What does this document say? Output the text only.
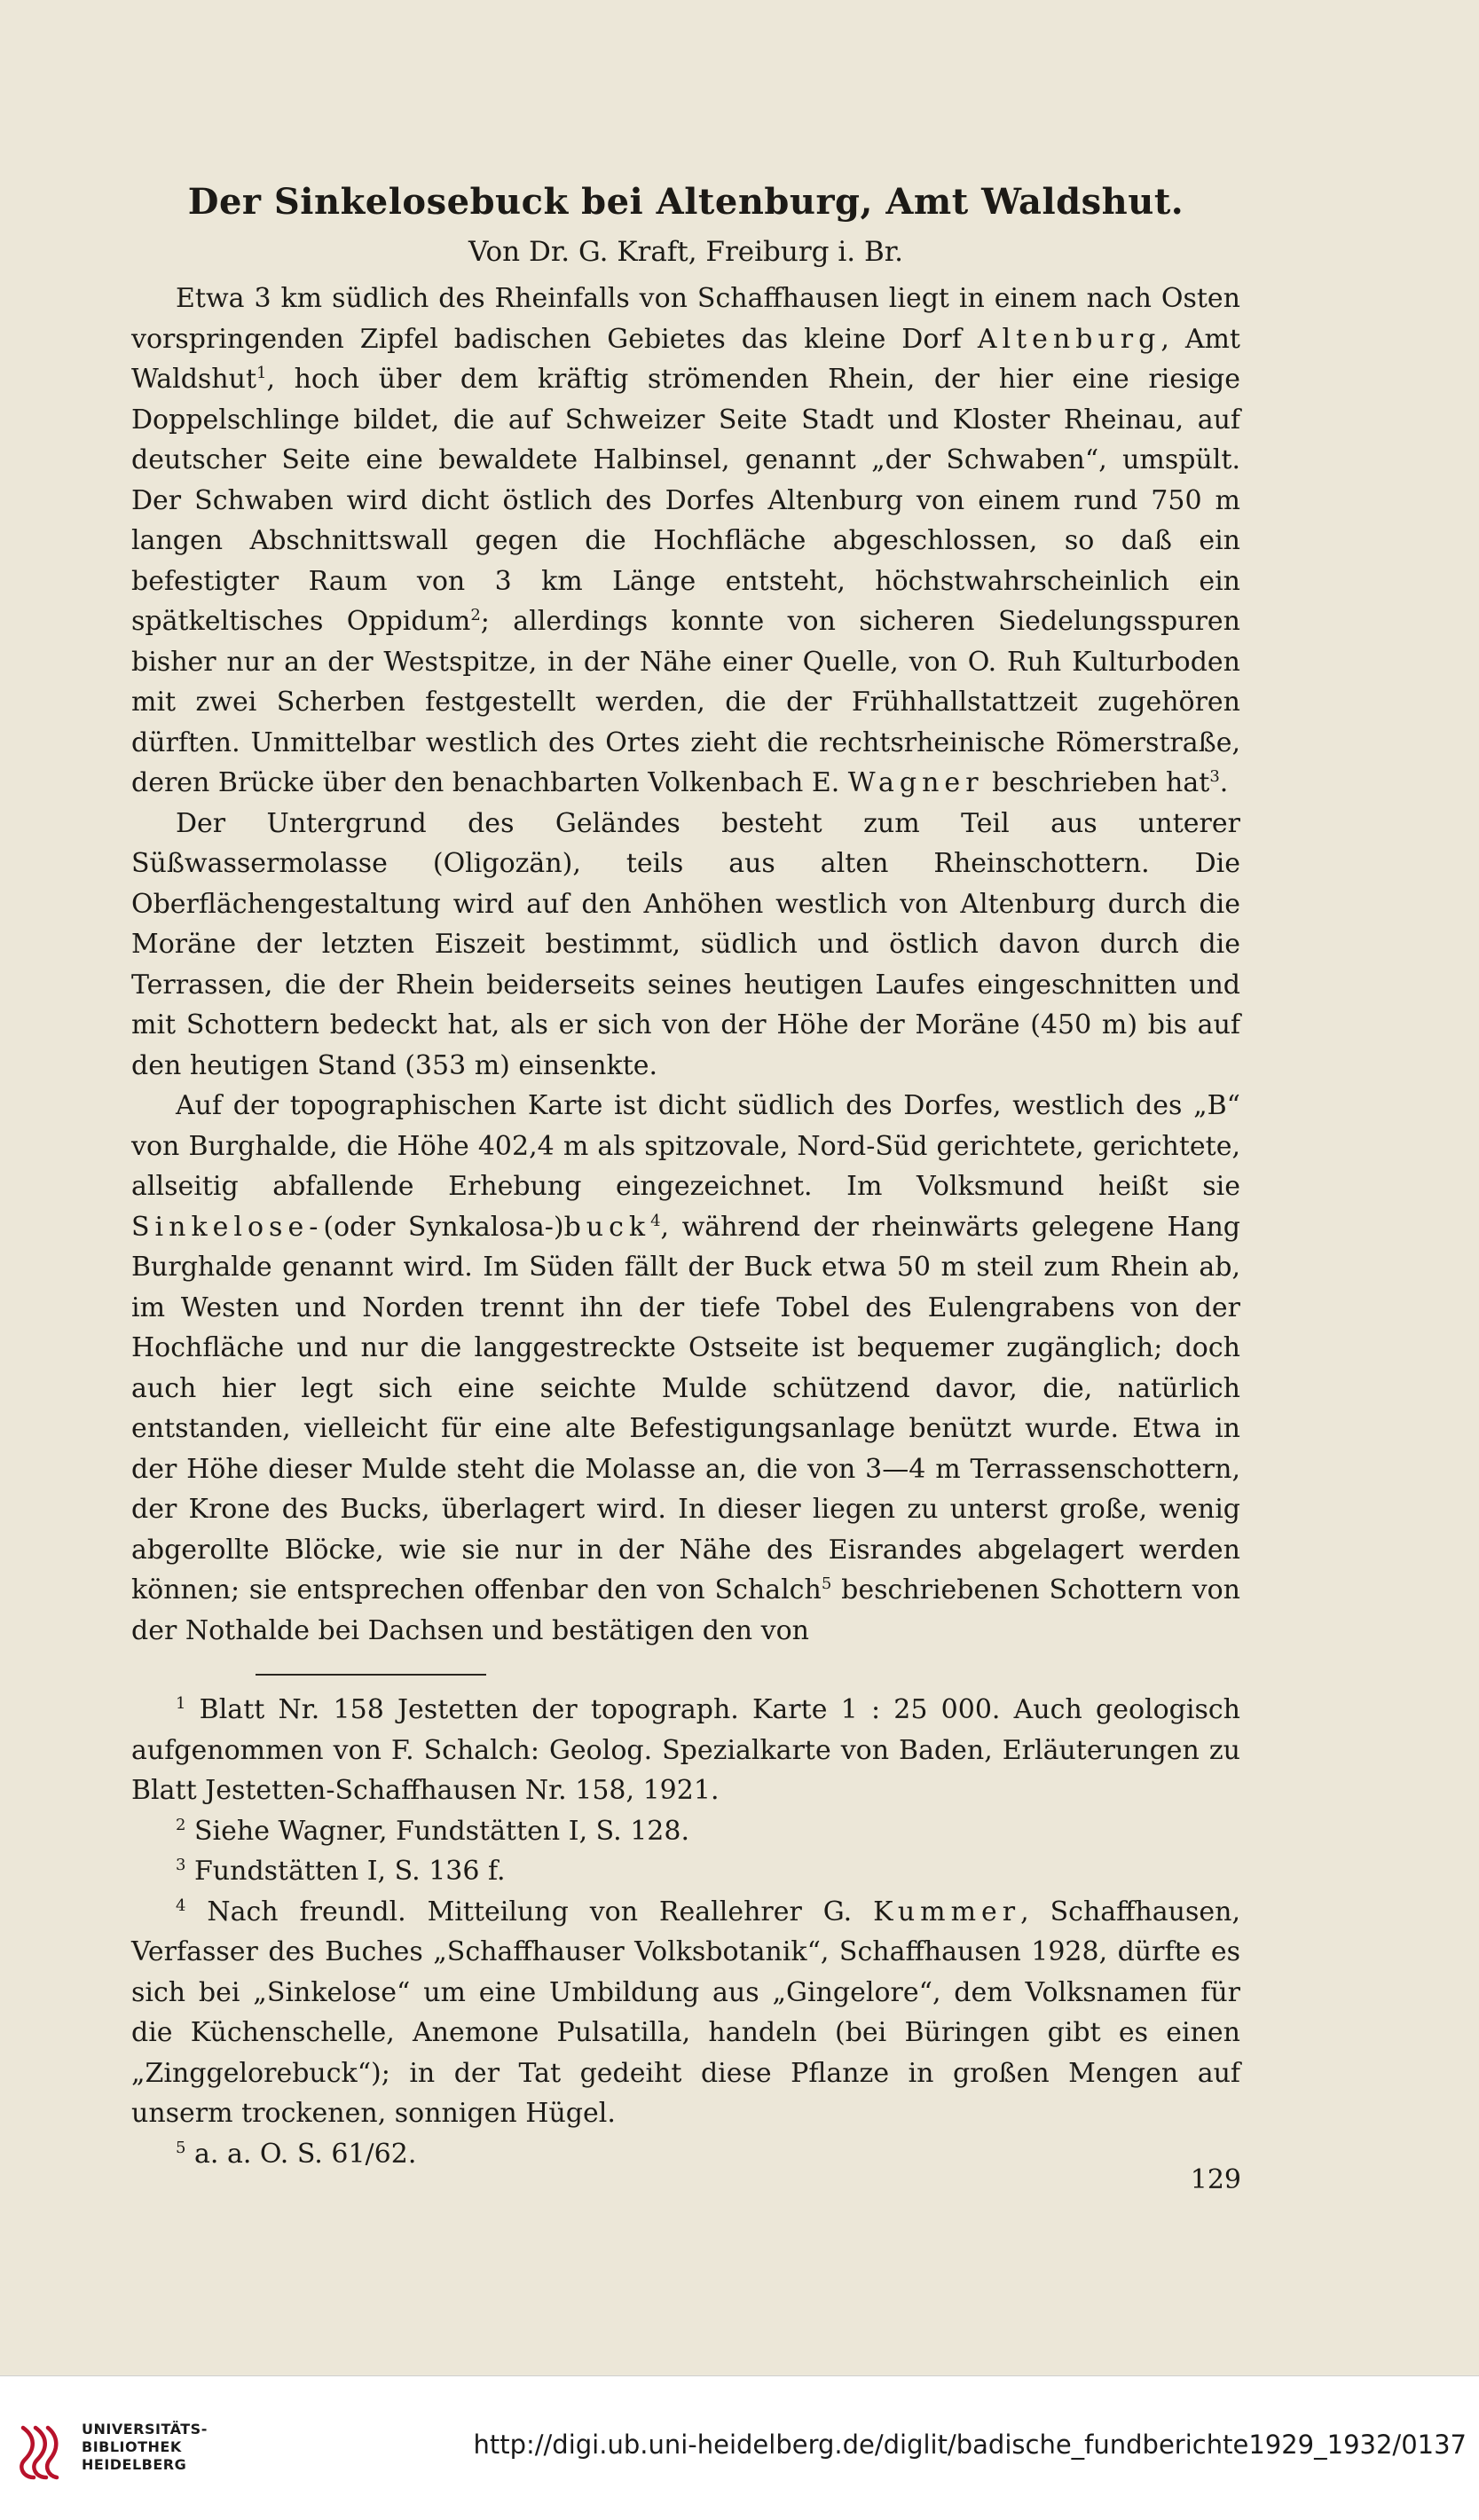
Der Sinkelosebuck bei Altenburg, Amt Waldshut.
Von Dr. G. Kraft, Freiburg i. Br.

Etwa 3 km südlich des Rheinfalls von Schaffhausen liegt in einem nach Osten vorspringenden Zipfel badischen Gebietes das kleine Dorf Altenburg, Amt Waldshut$^1$, hoch über dem kräftig strömenden Rhein, der hier eine riesige Doppelschlinge bildet, die auf Schweizer Seite Stadt und Kloster Rheinau, auf deutscher Seite eine bewaldete Halbinsel, genannt „der Schwaben“, umspült. Der Schwaben wird dicht östlich des Dorfes Altenburg von einem rund 750 m langen Abschnittswall gegen die Hochfläche abgeschlossen, so daß ein befestigter Raum von 3 km Länge entsteht, höchstwahrscheinlich ein spätkeltisches Oppidum$^2$; allerdings konnte von sicheren Siedelungsspuren bisher nur an der Westspitze, in der Nähe einer Quelle, von O. Ruh Kulturboden mit zwei Scherben festgestellt werden, die der Frühhallstattzeit zugehören dürften. Unmittelbar westlich des Ortes zieht die rechtsrheinische Römerstraße, deren Brücke über den benachbarten Volkenbach E. Wagner beschrieben hat$^3$.

Der Untergrund des Geländes besteht zum Teil aus unterer Süßwassermolasse (Oligozän), teils aus alten Rheinschottern. Die Oberflächengestaltung wird auf den Anhöhen westlich von Altenburg durch die Moräne der letzten Eiszeit bestimmt, südlich und östlich davon durch die Terrassen, die der Rhein beiderseits seines heutigen Laufes eingeschnitten und mit Schottern bedeckt hat, als er sich von der Höhe der Moräne (450 m) bis auf den heutigen Stand (353 m) einsenkte.

Auf der topographischen Karte ist dicht südlich des Dorfes, westlich des „B“ von Burghalde, die Höhe 402,4 m als spitzovale, Nord-Süd gerichtete, gerichtete, allseitig abfallende Erhebung eingezeichnet. Im Volksmund heißt sie Sinkelose-(oder Synkalosa-)buck$^4$, während der rheinwärts gelegene Hang Burghalde genannt wird. Im Süden fällt der Buck etwa 50 m steil zum Rhein ab, im Westen und Norden trennt ihn der tiefe Tobel des Eulengrabens von der Hochfläche und nur die langgestreckte Ostseite ist bequemer zugänglich; doch auch hier legt sich eine seichte Mulde schützend davor, die, natürlich entstanden, vielleicht für eine alte Befestigungsanlage benützt wurde. Etwa in der Höhe dieser Mulde steht die Molasse an, die von 3—4 m Terrassenschottern, der Krone des Bucks, überlagert wird. In dieser liegen zu unterst große, wenig abgerollte Blöcke, wie sie nur in der Nähe des Eisrandes abgelagert werden können; sie entsprechen offenbar den von Schalch$^5$ beschriebenen Schottern von der Nothalde bei Dachsen und bestätigen den von

$^1$ Blatt Nr. 158 Jestetten der topograph. Karte 1 : 25 000. Auch geologisch aufgenommen von F. Schalch: Geolog. Spezialkarte von Baden, Erläuterungen zu Blatt Jestetten-Schaffhausen Nr. 158, 1921.

$^2$ Siehe Wagner, Fundstätten I, S. 128.

$^3$ Fundstätten I, S. 136 f.

$^4$ Nach freundl. Mitteilung von Reallehrer G. Kummer, Schaffhausen, Verfasser des Buches „Schaffhauser Volksbotanik“, Schaffhausen 1928, dürfte es sich bei „Sinkelose“ um eine Umbildung aus „Gingelore“, dem Volksnamen für die Küchenschelle, Anemone Pulsatilla, handeln (bei Büringen gibt es einen „Zinggelorebuck“); in der Tat gedeiht diese Pflanze in großen Mengen auf unserm trockenen, sonnigen Hügel.

$^5$ a. a. O. S. 61/62.

129
UNIVERSITÄTS-
BIBLIOTHEK
HEIDELBERG
http://digi.ub.uni-heidelberg.de/diglit/badische_fundberichte1929_1932/0137
